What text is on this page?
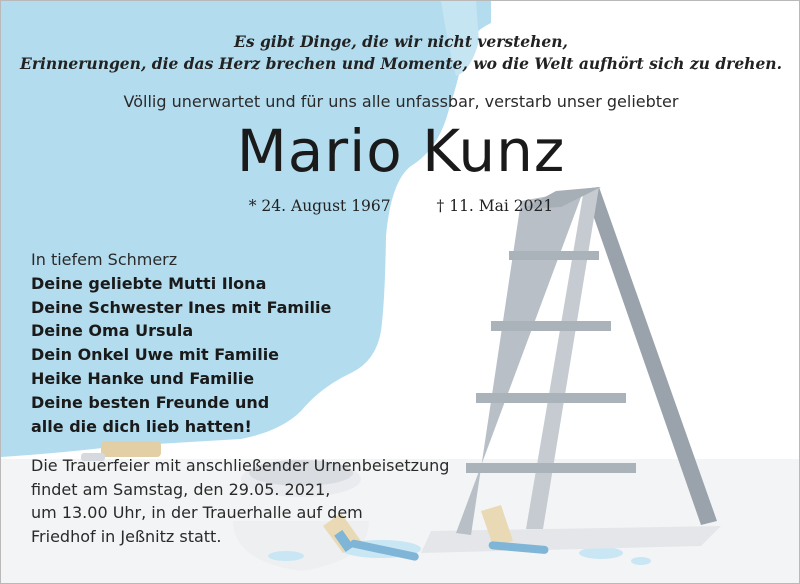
Es gibt Dinge, die wir nicht verstehen,
Erinnerungen, die das Herz brechen und Momente, wo die Welt aufhört sich zu drehen.
Völlig unerwartet und für uns alle unfassbar, verstarb unser geliebter
Mario Kunz
* 24. August 1967	† 11. Mai 2021
In tiefem Schmerz
Deine geliebte Mutti Ilona
Deine Schwester Ines mit Familie
Deine Oma Ursula
Dein Onkel Uwe mit Familie
Heike Hanke und Familie
Deine besten Freunde und
alle die dich lieb hatten!
Die Trauerfeier mit anschließender Urnenbeisetzung
findet am Samstag, den 29.05. 2021,
um 13.00 Uhr, in der Trauerhalle auf dem
Friedhof in Jeßnitz statt.
